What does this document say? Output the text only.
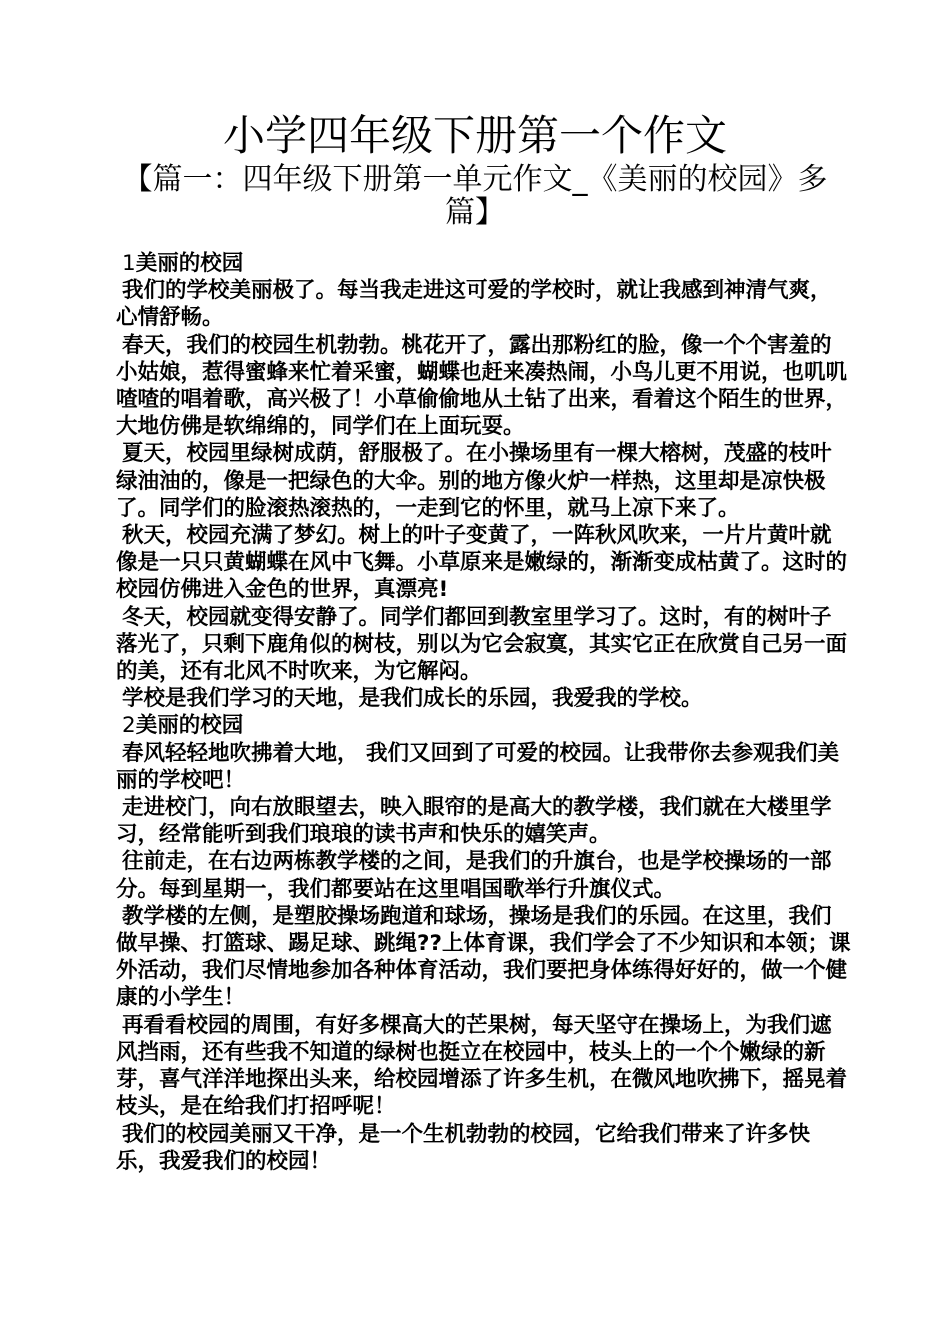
小学四年级下册第一个作文
【篇一：四年级下册第一单元作文_《美丽的校园》多篇】
1美丽的校园

我们的学校美丽极了。每当我走进这可爱的学校时，就让我感到神清气爽，心情舒畅。

春天，我们的校园生机勃勃。桃花开了，露出那粉红的脸，像一个个害羞的小姑娘，惹得蜜蜂来忙着采蜜，蝴蝶也赶来凑热闹，小鸟儿更不用说，也叽叽喳喳的唱着歌，高兴极了！小草偷偷地从土钻了出来，看着这个陌生的世界，大地仿佛是软绵绵的，同学们在上面玩耍。

夏天，校园里绿树成荫，舒服极了。在小操场里有一棵大榕树，茂盛的枝叶绿油油的，像是一把绿色的大伞。别的地方像火炉一样热，这里却是凉快极了。同学们的脸滚热滚热的，一走到它的怀里，就马上凉下来了。

秋天，校园充满了梦幻。树上的叶子变黄了，一阵秋风吹来，一片片黄叶就像是一只只黄蝴蝶在风中飞舞。小草原来是嫩绿的，渐渐变成枯黄了。这时的校园仿佛进入金色的世界，真漂亮!

冬天，校园就变得安静了。同学们都回到教室里学习了。这时，有的树叶子落光了，只剩下鹿角似的树枝，别以为它会寂寞，其实它正在欣赏自己另一面的美，还有北风不时吹来，为它解闷。

学校是我们学习的天地，是我们成长的乐园，我爱我的学校。

2美丽的校园

春风轻轻地吹拂着大地， 我们又回到了可爱的校园。让我带你去参观我们美丽的学校吧！

走进校门，向右放眼望去，映入眼帘的是高大的教学楼，我们就在大楼里学习，经常能听到我们琅琅的读书声和快乐的嬉笑声。

往前走，在右边两栋教学楼的之间，是我们的升旗台，也是学校操场的一部分。每到星期一，我们都要站在这里唱国歌举行升旗仪式。

教学楼的左侧，是塑胶操场跑道和球场，操场是我们的乐园。在这里，我们做早操、打篮球、踢足球、跳绳??上体育课，我们学会了不少知识和本领；课外活动，我们尽情地参加各种体育活动，我们要把身体练得好好的，做一个健康的小学生！

再看看校园的周围，有好多棵高大的芒果树，每天坚守在操场上，为我们遮风挡雨，还有些我不知道的绿树也挺立在校园中，枝头上的一个个嫩绿的新芽，喜气洋洋地探出头来，给校园增添了许多生机，在微风地吹拂下，摇晃着枝头，是在给我们打招呼呢！

我们的校园美丽又干净，是一个生机勃勃的校园，它给我们带来了许多快乐，我爱我们的校园！
